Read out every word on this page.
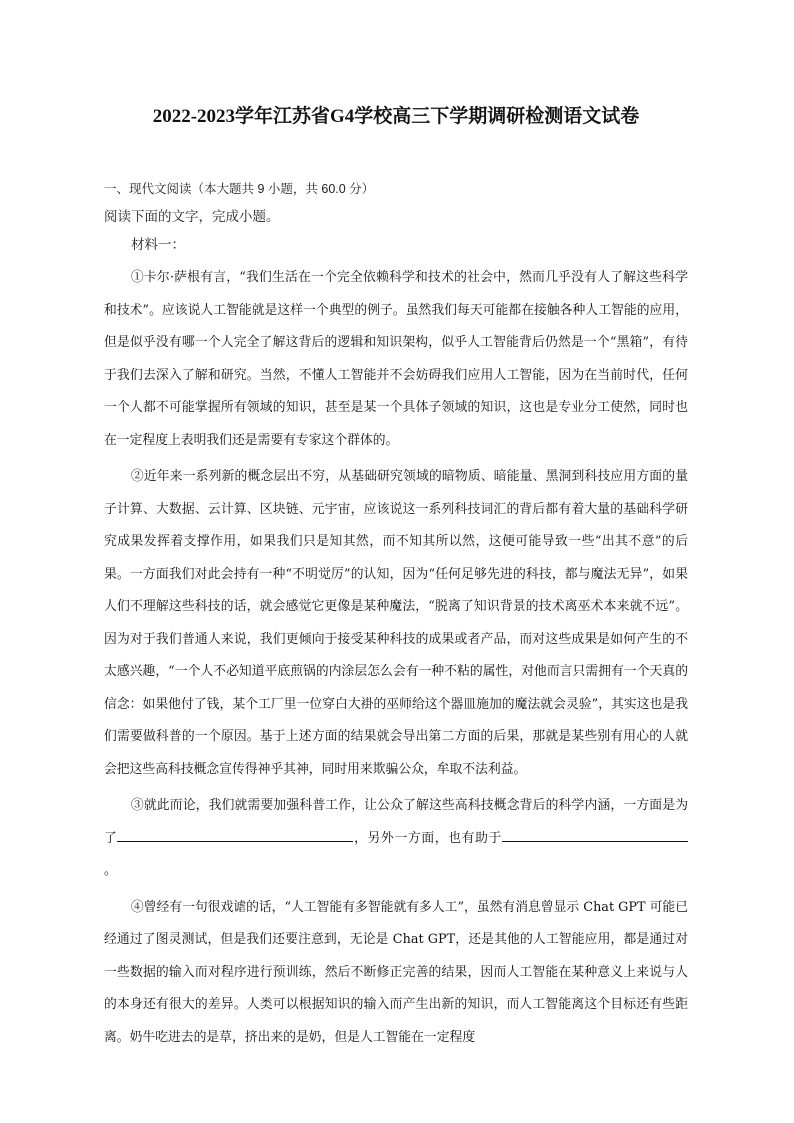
2022-2023学年江苏省G4学校高三下学期调研检测语文试卷

一、现代文阅读（本大题共 9 小题，共 60.0 分）

阅读下面的文字，完成小题。

材料一：

①卡尔·萨根有言，“我们生活在一个完全依赖科学和技术的社会中，然而几乎没有人了解这些科学和技术”。应该说人工智能就是这样一个典型的例子。虽然我们每天可能都在接触各种人工智能的应用，但是似乎没有哪一个人完全了解这背后的逻辑和知识架构，似乎人工智能背后仍然是一个“黑箱”，有待于我们去深入了解和研究。当然，不懂人工智能并不会妨碍我们应用人工智能，因为在当前时代，任何一个人都不可能掌握所有领域的知识，甚至是某一个具体子领域的知识，这也是专业分工使然，同时也在一定程度上表明我们还是需要有专家这个群体的。

②近年来一系列新的概念层出不穷，从基础研究领域的暗物质、暗能量、黑洞到科技应用方面的量子计算、大数据、云计算、区块链、元宇宙，应该说这一系列科技词汇的背后都有着大量的基础科学研究成果发挥着支撑作用，如果我们只是知其然，而不知其所以然，这便可能导致一些“出其不意”的后果。一方面我们对此会持有一种“不明觉厉”的认知，因为“任何足够先进的科技，都与魔法无异”，如果人们不理解这些科技的话，就会感觉它更像是某种魔法，“脱离了知识背景的技术离巫术本来就不远”。因为对于我们普通人来说，我们更倾向于接受某种科技的成果或者产品，而对这些成果是如何产生的不太感兴趣，“一个人不必知道平底煎锅的内涂层怎么会有一种不粘的属性，对他而言只需拥有一个天真的信念：如果他付了钱，某个工厂里一位穿白大褂的巫师给这个器皿施加的魔法就会灵验”，其实这也是我们需要做科普的一个原因。基于上述方面的结果就会导出第二方面的后果，那就是某些别有用心的人就会把这些高科技概念宣传得神乎其神，同时用来欺骗公众，牟取不法利益。

③就此而论，我们就需要加强科普工作，让公众了解这些高科技概念背后的科学内涵，一方面是为了	，另外一方面，也有助于。

④曾经有一句很戏谑的话，“人工智能有多智能就有多人工”，虽然有消息曾显示 Chat GPT 可能已经通过了图灵测试，但是我们还要注意到，无论是 Chat GPT，还是其他的人工智能应用，都是通过对一些数据的输入而对程序进行预训练，然后不断修正完善的结果，因而人工智能在某种意义上来说与人的本身还有很大的差异。人类可以根据知识的输入而产生出新的知识，而人工智能离这个目标还有些距离。奶牛吃进去的是草，挤出来的是奶，但是人工智能在一定程度
